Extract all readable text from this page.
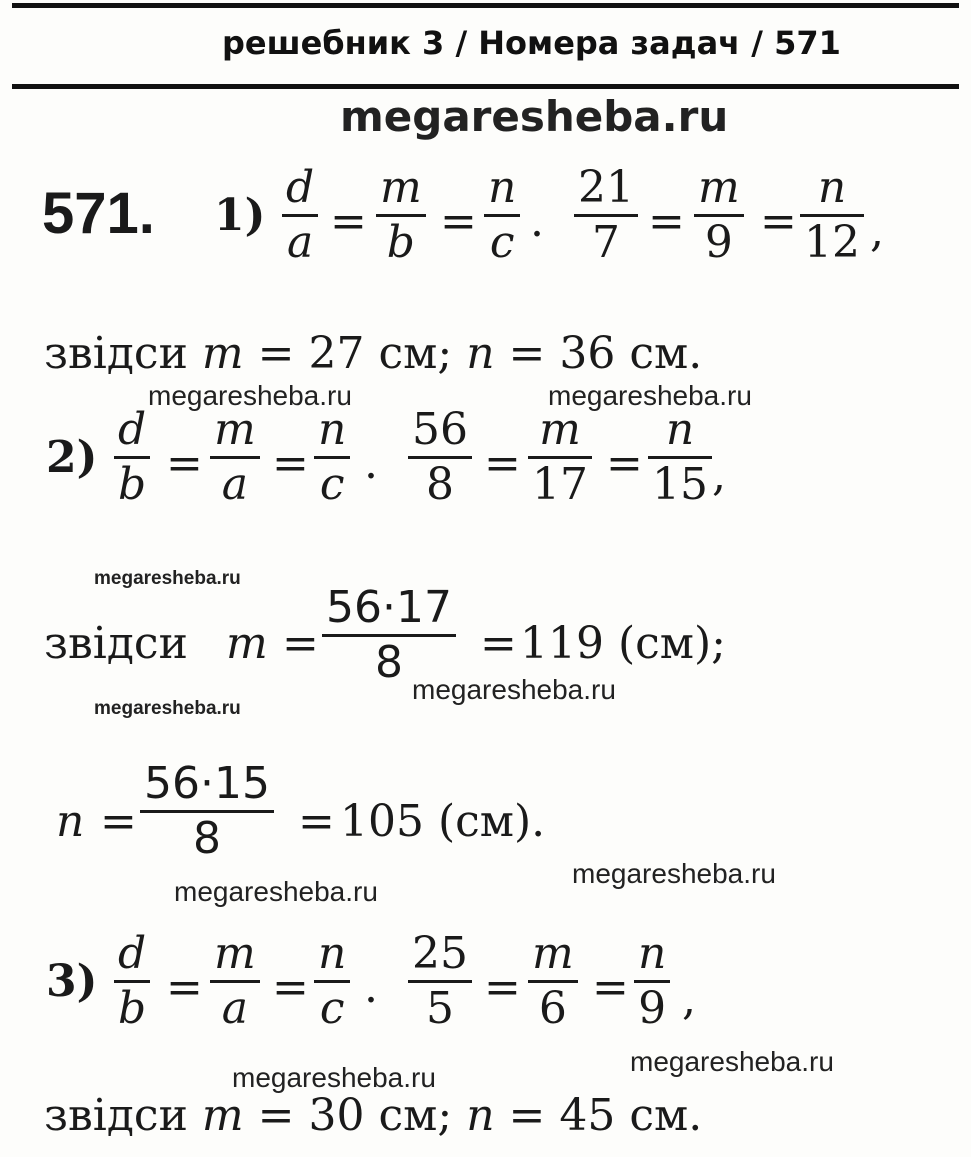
решебник 3 / Номера задач / 571
megaresheba.ru
571. 1)
d
a =
m
b =
n
c .
21
7 =
m
9 =
n
12 ,
звідси m = 27 см; n = 36 см.
megaresheba.ru	megaresheba.ru
2)
d
b =
m
a =
n
c .
56
8 =
m
17 =
n
15 ,
megaresheba.ru
звідси m =
56·17
8 = 119 (см);
megaresheba.ru
megaresheba.ru
n =
56·15
8 = 105 (см).
megaresheba.ru
megaresheba.ru
3)
d
b =
m
a =
n
c .
25
5 =
m
6 =
n
9 ,
megaresheba.ru
megaresheba.ru
звідси m = 30 см; n = 45 см.
